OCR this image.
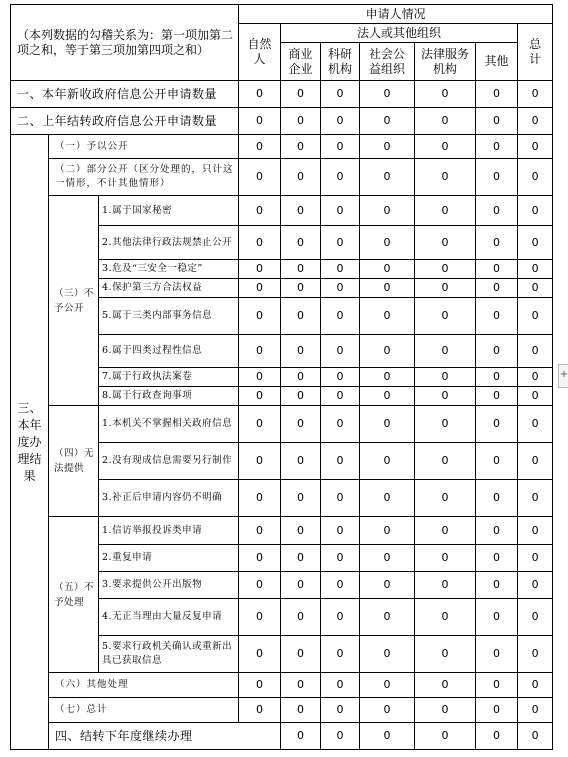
（本列数据的勾稽关系为：第一项加第二项之和，等于第三项加第四项之和）			申请人情况							
			自然人	法人或其他组织					总计	
				商业企业	科研机构	社会公益组织	法律服务机构	其他		
一、本年新收政府信息公开申请数量			0	0	0	0	0	0	0	
二、上年结转政府信息公开申请数量			0	0	0	0	0	0	0	
三、本年度办理结果	（一）予以公开		0	0	0	0	0	0	0	
	（二）部分公开（区分处理的，只计这一情形，不计其他情形）		0	0	0	0	0	0	0	
	（三）不予公开	1.属于国家秘密	0	0	0	0	0	0	0	
		2.其他法律行政法规禁止公开	0	0	0	0	0	0	0	
		3.危及“三安全一稳定”	0	0	0	0	0	0	0	
		4.保护第三方合法权益	0	0	0	0	0	0	0	
		5.属于三类内部事务信息	0	0	0	0	0	0	0	
		6.属于四类过程性信息	0	0	0	0	0	0	0	
		7.属于行政执法案卷	0	0	0	0	0	0	0	
		8.属于行政查询事项	0	0	0	0	0	0	0	
	（四）无法提供	1.本机关不掌握相关政府信息	0	0	0	0	0	0	0	
		2.没有现成信息需要另行制作	0	0	0	0	0	0	0	
		3.补正后申请内容仍不明确	0	0	0	0	0	0	0	
	（五）不予处理	1.信访举报投诉类申请	0	0	0	0	0	0	0	
		2.重复申请	0	0	0	0	0	0	0	
		3.要求提供公开出版物	0	0	0	0	0	0	0	
		4.无正当理由大量反复申请	0	0	0	0	0	0	0	
		5.要求行政机关确认或重新出具已获取信息	0	0	0	0	0	0	0	
	（六）其他处理		0	0	0	0	0	0	0	
	（七）总计		0	0	0	0	0	0	0	
	四、结转下年度继续办理			0	0	0	0	0	0	
+
